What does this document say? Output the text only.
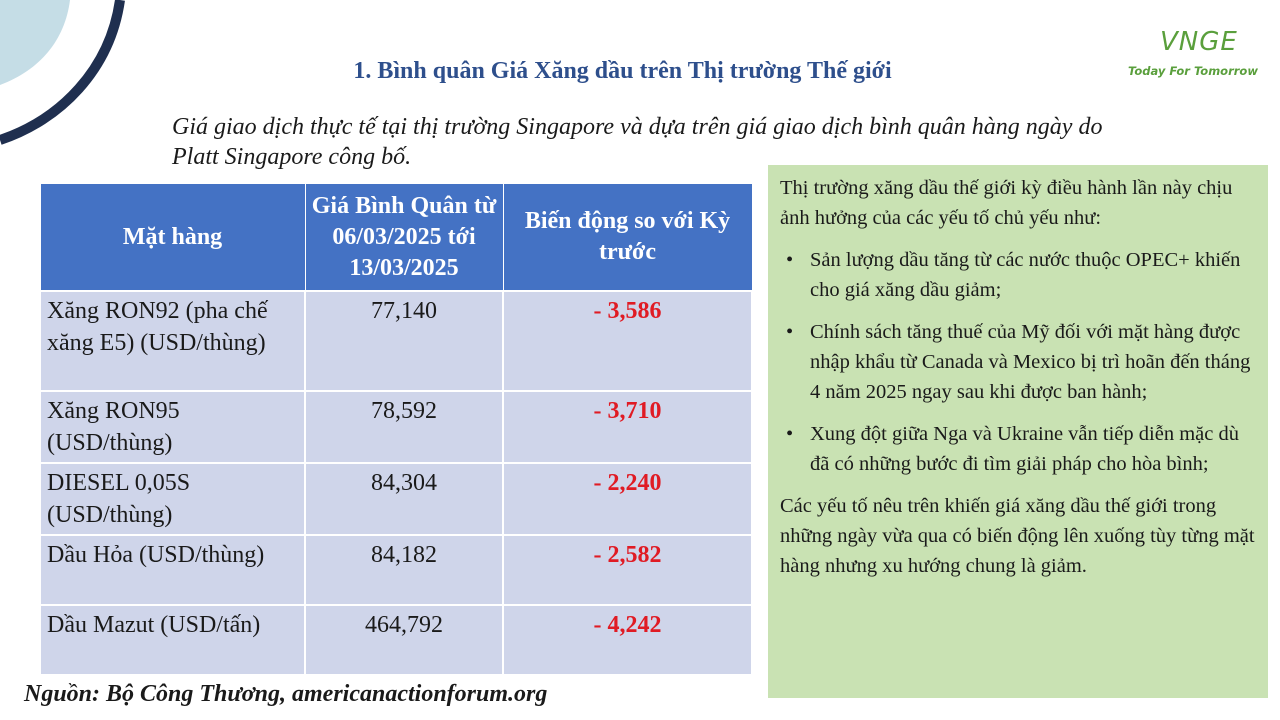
VNGE
Today For Tomorrow
1. Bình quân Giá Xăng dầu trên Thị trường Thế giới
Giá giao dịch thực tế tại thị trường Singapore và dựa trên giá giao dịch bình quân hàng ngày do Platt Singapore công bố.
Mặt hàng	Giá Bình Quân từ 06/03/2025 tới 13/03/2025	Biến động so với Kỳ trước
Xăng RON92 (pha chế xăng E5) (USD/thùng)	77,140	- 3,586
Xăng RON95 (USD/thùng)	78,592	- 3,710
DIESEL 0,05S (USD/thùng)	84,304	- 2,240
Dầu Hỏa (USD/thùng)	84,182	- 2,582
Dầu Mazut (USD/tấn)	464,792	- 4,242
Nguồn: Bộ Công Thương, americanactionforum.org

Thị trường xăng dầu thế giới kỳ điều hành lần này chịu ảnh hưởng của các yếu tố chủ yếu như:

• Sản lượng dầu tăng từ các nước thuộc OPEC+ khiến cho giá xăng dầu giảm;
• Chính sách tăng thuế của Mỹ đối với mặt hàng được nhập khẩu từ Canada và Mexico bị trì hoãn đến tháng 4 năm 2025 ngay sau khi được ban hành;
• Xung đột giữa Nga và Ukraine vẫn tiếp diễn mặc dù đã có những bước đi tìm giải pháp cho hòa bình;

Các yếu tố nêu trên khiến giá xăng dầu thế giới trong những ngày vừa qua có biến động lên xuống tùy từng mặt hàng nhưng xu hướng chung là giảm.
